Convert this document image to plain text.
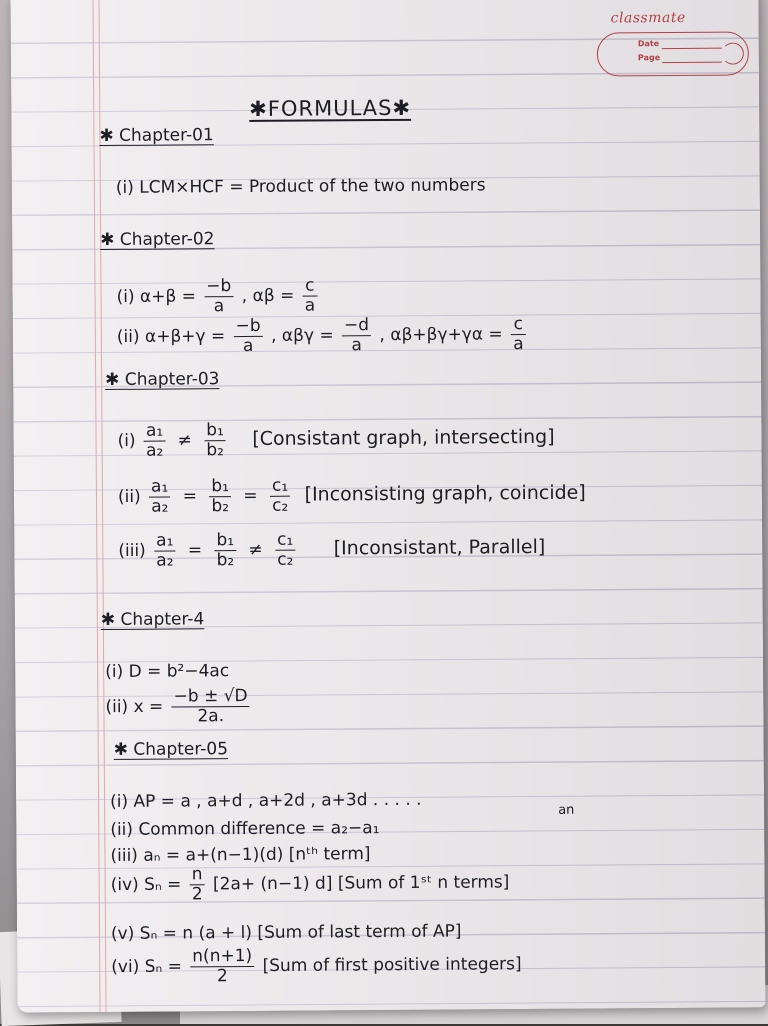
classmate
Date
Page
✱FORMULAS✱
✱ Chapter-01
(i) LCM×HCF = Product of the two numbers
✱ Chapter-02
(i) $\alpha+\beta = \frac{-b}{a}$ , $\alpha\beta = \frac{c}{a}$
(ii) $\alpha+\beta+\gamma = \frac{-b}{a}$ , $\alpha\beta\gamma = \frac{-d}{a}$ , $\alpha\beta+\beta\gamma+\gamma\alpha = \frac{c}{a}$
✱ Chapter-03
$(i) \frac{\text{a₁}}{\text{a₂}} \ne \frac{\text{b₁}}{\text{b₂}}$ [Consistant graph, intersecting]
$(ii) \frac{\text{a₁}}{\text{a₂}} = \frac{\text{b₁}}{\text{b₂}} = \frac{\text{c₁}}{\text{c₂}}$ [Inconsisting graph, coincide]
$(iii) \frac{\text{a₁}}{\text{a₂}} = \frac{\text{b₁}}{\text{b₂}} \ne \frac{\text{c₁}}{\text{c₂}}$ [Inconsistant, Parallel]
✱ Chapter-4
(i) D = b²−4ac
(ii) $x = \frac{-b \pm √D}{2a.}$
✱ Chapter-05
(i) AP = a , a+d , a+2d , a+3d . . . . .	an
(ii) Common difference = a₂−a₁
(iii) aₙ = a+(n−1)(d) [nᵗʰ term]
(iv) $S_n = \frac{n}{2} [2a+ (n-1)$ d] [Sum of 1ˢᵗ n terms]
(v) Sₙ = n (a + l) [Sum of last term of AP]
(vi) $S_n = \frac{n(n+1)}{2} [Sum$ of first positive integers]
